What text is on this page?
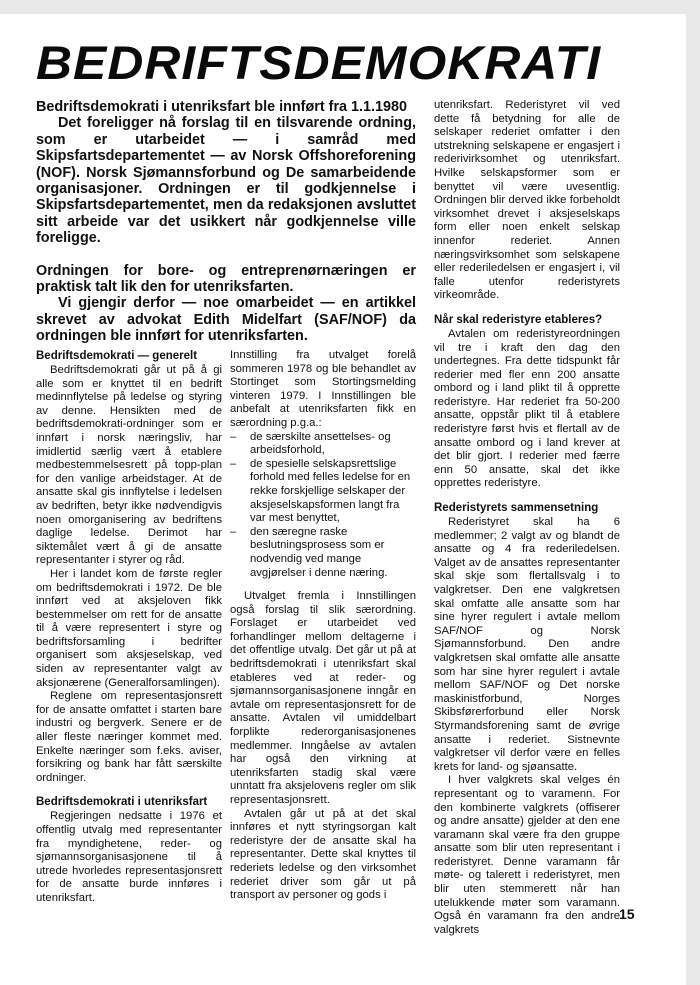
BEDRIFTSDEMOKRATI

Bedriftsdemokrati i utenriksfart ble innført fra 1.1.1980

Det foreligger nå forslag til en tilsvarende ordning, som er utarbeidet — i samråd med Skipsfartsdepartementet — av Norsk Offshoreforening (NOF). Norsk Sjømannsforbund og De samarbeidende organisasjoner. Ordningen er til godkjennelse i Skipsfartsdepartementet, men da redaksjonen avsluttet sitt arbeide var det usikkert når godkjennelse ville foreligge.

Ordningen for bore- og entreprenørnæringen er praktisk talt lik den for utenriksfarten.

Vi gjengir derfor — noe omarbeidet — en artikkel skrevet av advokat Edith Midelfart (SAF/NOF) da ordningen ble innført for utenriksfarten.

Bedriftsdemokrati — generelt

Bedriftsdemokrati går ut på å gi alle som er knyttet til en bedrift medinnflytelse på ledelse og styring av denne. Hensikten med de bedriftsdemokrati-ordninger som er innført i norsk næringsliv, har imidlertid særlig vært å etablere medbestemmelsesrett på topp-plan for den vanlige arbeidstager. At de ansatte skal gis innflytelse i ledelsen av bedriften, betyr ikke nødvendigvis noen omorganisering av bedriftens daglige ledelse. Derimot har siktemålet vært å gi de ansatte representanter i styrer og råd.

Her i landet kom de første regler om bedriftsdemokrati i 1972. De ble innført ved at aksjeloven fikk bestemmelser om rett for de ansatte til å være representert i styre og bedriftsforsamling i bedrifter organisert som aksjeselskap, ved siden av representanter valgt av aksjonærene (Generalforsamlingen).

Reglene om representasjonsrett for de ansatte omfattet i starten bare industri og bergverk. Senere er de aller fleste næringer kommet med. Enkelte næringer som f.eks. aviser, forsikring og bank har fått særskilte ordninger.

Bedriftsdemokrati i utenriksfart

Regjeringen nedsatte i 1976 et offentlig utvalg med representanter fra myndighetene, reder- og sjømannsorganisasjonene til å utrede hvorledes representasjonsrett for de ansatte burde innføres i utenriksfart.

Innstilling fra utvalget forelå sommeren 1978 og ble behandlet av Stortinget som Stortingsmelding vinteren 1979. I Innstillingen ble anbefalt at utenriksfarten fikk en særordning p.g.a.:

– de særskilte ansettelses- og arbeidsforhold,
– de spesielle selskapsrettslige forhold med felles ledelse for en rekke forskjellige selskaper der aksjeselskapsformen langt fra var mest benyttet,
– den særegne raske beslutningsprosess som er nodvendig ved mange avgjørelser i denne næring.

Utvalget fremla i Innstillingen også forslag til slik særordning. Forslaget er utarbeidet ved forhandlinger mellom deltagerne i det offentlige utvalg. Det går ut på at bedriftsdemokrati i utenriksfart skal etableres ved at reder- og sjømannsorganisasjonene inngår en avtale om representasjonsrett for de ansatte. Avtalen vil umiddelbart forplikte rederorganisasjonenes medlemmer. Inngåelse av avtalen har også den virkning at utenriksfarten stadig skal være unntatt fra aksjelovens regler om slik representasjonsrett.

Avtalen går ut på at det skal innføres et nytt styringsorgan kalt rederistyre der de ansatte skal ha representanter. Dette skal knyttes til rederiets ledelse og den virksomhet rederiet driver som går ut på transport av personer og gods i

utenriksfart. Rederistyret vil ved dette få betydning for alle de selskaper rederiet omfatter i den utstrekning selskapene er engasjert i rederivirksomhet og utenriksfart. Hvilke selskapsformer som er benyttet vil være uvesentlig. Ordningen blir derved ikke forbeholdt virksomhet drevet i aksjeselskaps form eller noen enkelt selskap innenfor rederiet. Annen næringsvirksomhet som selskapene eller rederiledelsen er engasjert i, vil falle utenfor rederistyrets virkeområde.

Når skal rederistyre etableres?

Avtalen om rederistyreordningen vil tre i kraft den dag den undertegnes. Fra dette tidspunkt får rederier med fler enn 200 ansatte ombord og i land plikt til å opprette rederistyre. Har rederiet fra 50-200 ansatte, oppstår plikt til å etablere rederistyre først hvis et flertall av de ansatte ombord og i land krever at det blir gjort. I rederier med færre enn 50 ansatte, skal det ikke opprettes rederistyre.

Rederistyrets sammensetning

Rederistyret skal ha 6 medlemmer; 2 valgt av og blandt de ansatte og 4 fra rederiledelsen. Valget av de ansattes representanter skal skje som flertallsvalg i to valgkretser. Den ene valgkretsen skal omfatte alle ansatte som har sine hyrer regulert i avtale mellom SAF/NOF og Norsk Sjømannsforbund. Den andre valgkretsen skal omfatte alle ansatte som har sine hyrer regulert i avtale mellom SAF/NOF og Det norske maskinistforbund, Norges Skibsførerforbund eller Norsk Styrmandsforening samt de øvrige ansatte i rederiet. Sistnevnte valgkretser vil derfor være en felles krets for land- og sjøansatte.

I hver valgkrets skal velges én representant og to varamenn. For den kombinerte valgkrets (offiserer og andre ansatte) gjelder at den ene varamann skal være fra den gruppe ansatte som blir uten representant i rederistyret. Denne varamann får møte- og talerett i rederistyret, men blir uten stemmerett når han utelukkende møter som varamann. Også én varamann fra den andre valgkrets

15
